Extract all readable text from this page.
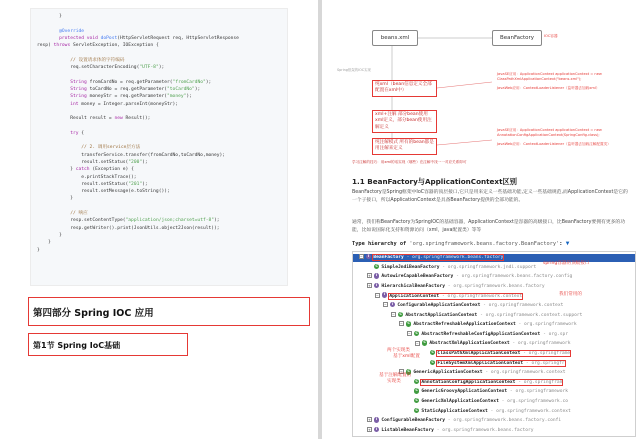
}
@Override
protected void doPost(HttpServletRequest req, HttpServletResponse
resp) throws ServletException, IOException {
// 设置请求体的字符编码
req.setCharacterEncoding("UTF-8");
String fromCardNo = req.getParameter("fromCardNo");
String toCardNo = req.getParameter("toCardNo");
String moneyStr = req.getParameter("money");
int money = Integer.parseInt(moneyStr);
Result result = new Result();
try {
// 2. 调用service层方法
transferService.transfer(fromCardNo,toCardNo,money);
result.setStatus("200");
} catch (Exception e) {
e.printStackTrace();
result.setStatus("201");
result.setMessage(e.toString());
}
// 响应
resp.setContentType("application/json;charset=utf-8");
resp.getWriter().print(JsonUtils.object2Json(result));
}
}
}
第四部分 Spring IOC 应用
第1节 Spring IoC基础
beans.xml	BeanFactory	IOC容器
Spring框架的IOC实现
纯xml（bean信息定义全部配置在xml中）
JavaSE应用：ApplicationContext applicationContext = new ClassPathXmlApplicationContext("beans.xml");
JavaWeb应用：ContextLoaderListener（监听器去加载xml）
xml+注解 部分bean使用xml定义，部分bean使用注解定义
纯注解模式 所有的bean都是用注解来定义
JavaSE应用：ApplicationContext applicationContext = new AnnotationConfigApplicationContext(SpringConfig.class);
JavaWeb应用：ContextLoaderListener（监听器去加载注解配置类）
学习注解的技巧：用xml的话实现（哪些）在注解中找一一对应关系即可
1.1 BeanFactory与ApplicationContext区别
BeanFactory是Spring框架中IoC容器的顶层接口,它只是用来定义一些基础功能,定义一些基础规范,而ApplicationContext是它的一个子接口，所以ApplicationContext是具备BeanFactory提供的全部功能的。
通常，我们称BeanFactory为SpringIOC的基础容器，ApplicationContext是容器的高级接口，比BeanFactory要拥有更多的功能，比如说国际化支持和资源访问（xml，java配置类）等等
Type hierarchy of 'org.springframework.beans.factory.BeanFactory': ▼
+ I ListableBeanFactory - org.springframework.beans.factory
+ I ConfigurableBeanFactory - org.springframework.beans.factory.confi
C StaticApplicationContext - org.springframework.context
C GenericXmlApplicationContext - org.springframework.co
C GenericGroovyApplicationContext - org.springframework
C AnnotationConfigApplicationContext - org.springfram
− C GenericApplicationContext - org.springframework.context
C FileSystemXmlApplicationContext - org.springfr
C ClassPathXmlApplicationContext - org.springframe
− C AbstractXmlApplicationContext - org.springframework
− C AbstractRefreshableConfigApplicationContext - org.spr
− C AbstractRefreshableApplicationContext - org.springframework
− C AbstractApplicationContext - org.springframework.context.support
− I ConfigurableApplicationContext - org.springframework.context
− I ApplicationContext - org.springframework.context
+ I HierarchicalBeanFactory - org.springframework.beans.factory
+ I AutowireCapableBeanFactory - org.springframework.beans.factory.config
C SimpleJndiBeanFactory - org.springframework.jndi.support
− I BeanFactory - org.springframework.beans.factory
spring容器的顶级接口
我们常用的
两个实现类
基于xml配置
基于注解配置的
实现类
